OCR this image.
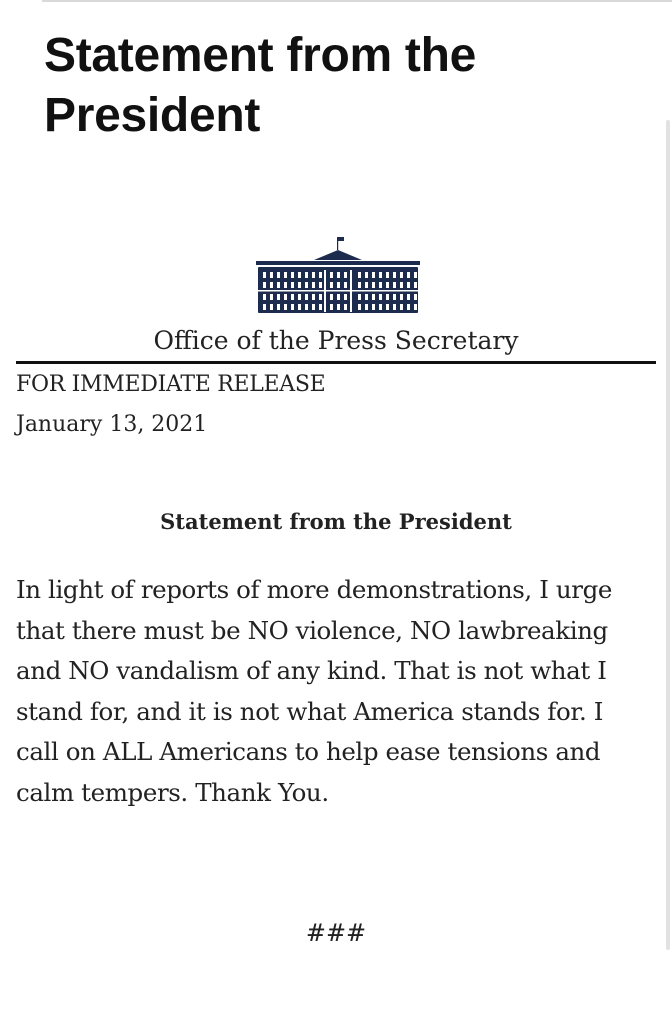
Statement from the President
Office of the Press Secretary
FOR IMMEDIATE RELEASE
January 13, 2021
Statement from the President

In light of reports of more demonstrations, I urge that there must be NO violence, NO lawbreaking and NO vandalism of any kind. That is not what I stand for, and it is not what America stands for. I call on ALL Americans to help ease tensions and calm tempers. Thank You.

###
